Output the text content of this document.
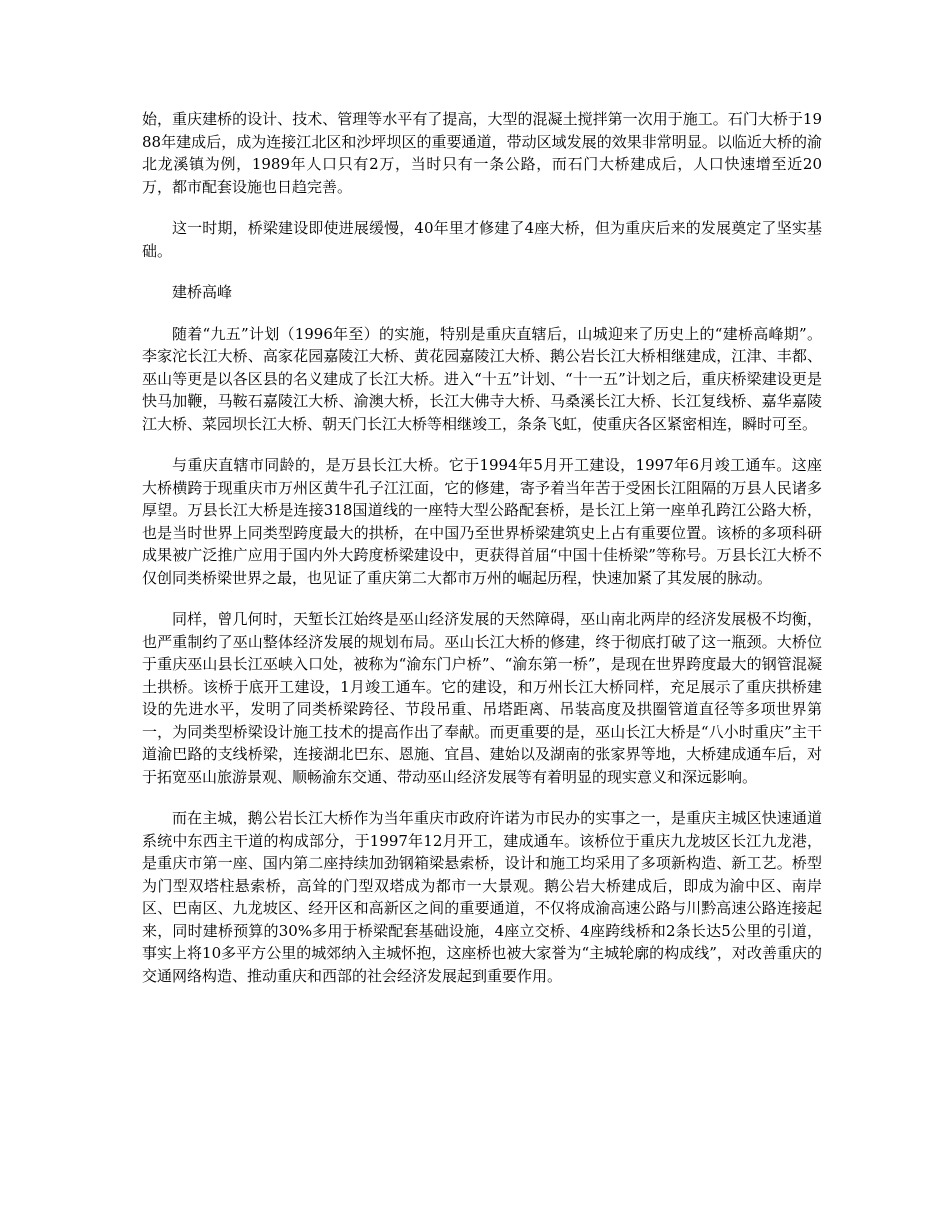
始，重庆建桥的设计、技术、管理等水平有了提高，大型的混凝土搅拌第一次用于施工。石门大桥于1988年建成后，成为连接江北区和沙坪坝区的重要通道，带动区域发展的效果非常明显。以临近大桥的渝北龙溪镇为例，1989年人口只有2万，当时只有一条公路，而石门大桥建成后，人口快速增至近20万，都市配套设施也日趋完善。

这一时期，桥梁建设即使进展缓慢，40年里才修建了4座大桥，但为重庆后来的发展奠定了坚实基础。

建桥高峰

随着“九五”计划（1996年至）的实施，特别是重庆直辖后，山城迎来了历史上的“建桥高峰期”。李家沱长江大桥、高家花园嘉陵江大桥、黄花园嘉陵江大桥、鹅公岩长江大桥相继建成，江津、丰都、巫山等更是以各区县的名义建成了长江大桥。进入“十五”计划、“十一五”计划之后，重庆桥梁建设更是快马加鞭，马鞍石嘉陵江大桥、渝澳大桥，长江大佛寺大桥、马桑溪长江大桥、长江复线桥、嘉华嘉陵江大桥、菜园坝长江大桥、朝天门长江大桥等相继竣工，条条飞虹，使重庆各区紧密相连，瞬时可至。

与重庆直辖市同龄的，是万县长江大桥。它于1994年5月开工建设，1997年6月竣工通车。这座大桥横跨于现重庆市万州区黄牛孔子江江面，它的修建，寄予着当年苦于受困长江阻隔的万县人民诸多厚望。万县长江大桥是连接318国道线的一座特大型公路配套桥，是长江上第一座单孔跨江公路大桥，也是当时世界上同类型跨度最大的拱桥，在中国乃至世界桥梁建筑史上占有重要位置。该桥的多项科研成果被广泛推广应用于国内外大跨度桥梁建设中，更获得首届“中国十佳桥梁”等称号。万县长江大桥不仅创同类桥梁世界之最，也见证了重庆第二大都市万州的崛起历程，快速加紧了其发展的脉动。

同样，曾几何时，天堑长江始终是巫山经济发展的天然障碍，巫山南北两岸的经济发展极不均衡，也严重制约了巫山整体经济发展的规划布局。巫山长江大桥的修建，终于彻底打破了这一瓶颈。大桥位于重庆巫山县长江巫峡入口处，被称为“渝东门户桥”、“渝东第一桥”，是现在世界跨度最大的钢管混凝土拱桥。该桥于底开工建设，1月竣工通车。它的建设，和万州长江大桥同样，充足展示了重庆拱桥建设的先进水平，发明了同类桥梁跨径、节段吊重、吊塔距离、吊装高度及拱圈管道直径等多项世界第一，为同类型桥梁设计施工技术的提高作出了奉献。而更重要的是，巫山长江大桥是“八小时重庆”主干道渝巴路的支线桥梁，连接湖北巴东、恩施、宜昌、建始以及湖南的张家界等地，大桥建成通车后，对于拓宽巫山旅游景观、顺畅渝东交通、带动巫山经济发展等有着明显的现实意义和深远影响。

而在主城，鹅公岩长江大桥作为当年重庆市政府许诺为市民办的实事之一，是重庆主城区快速通道系统中东西主干道的构成部分，于1997年12月开工，建成通车。该桥位于重庆九龙坡区长江九龙港，是重庆市第一座、国内第二座持续加劲钢箱梁悬索桥，设计和施工均采用了多项新构造、新工艺。桥型为门型双塔柱悬索桥，高耸的门型双塔成为都市一大景观。鹅公岩大桥建成后，即成为渝中区、南岸区、巴南区、九龙坡区、经开区和高新区之间的重要通道，不仅将成渝高速公路与川黔高速公路连接起来，同时建桥预算的30%多用于桥梁配套基础设施，4座立交桥、4座跨线桥和2条长达5公里的引道，事实上将10多平方公里的城郊纳入主城怀抱，这座桥也被大家誉为“主城轮廓的构成线”，对改善重庆的交通网络构造、推动重庆和西部的社会经济发展起到重要作用。
